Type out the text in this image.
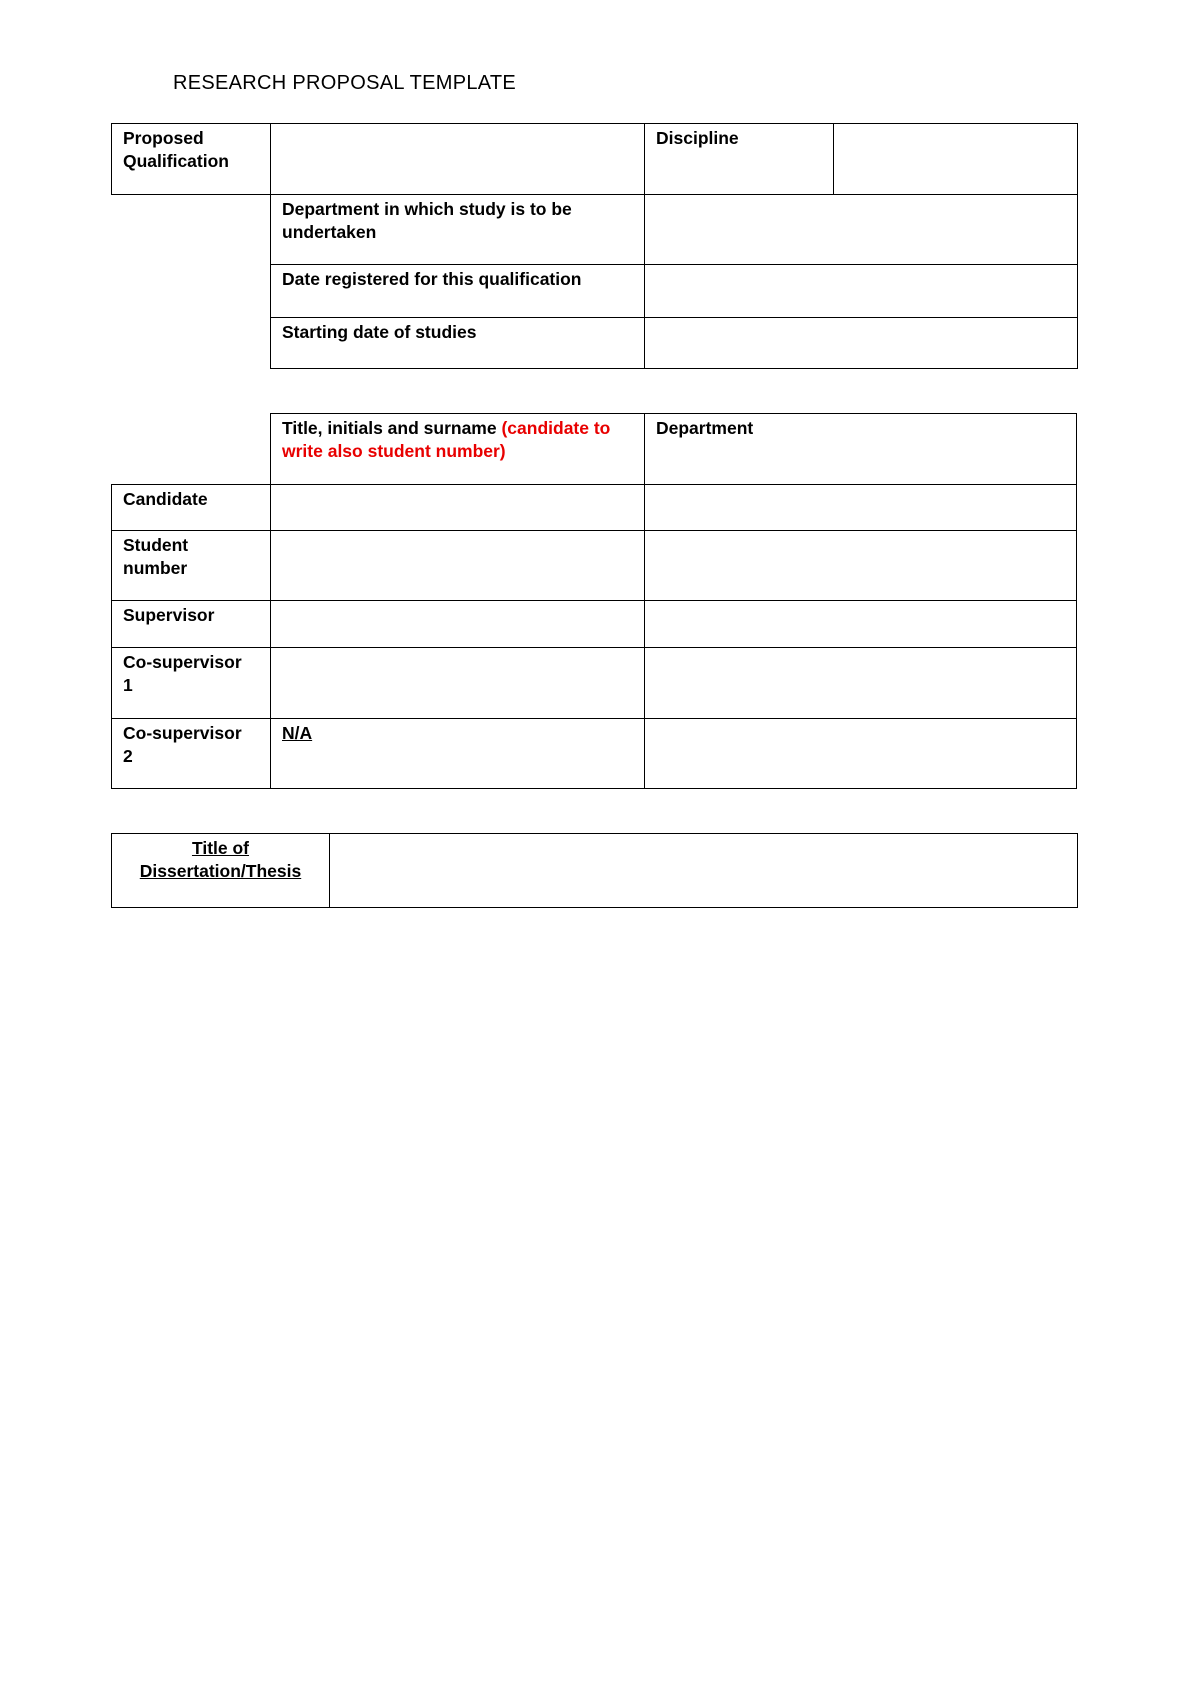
RESEARCH PROPOSAL TEMPLATE
Proposed Qualification
Discipline
Department in which study is to be undertaken
Date registered for this qualification
Starting date of studies
Title, initials and surname (candidate to write also student number)
Department
Candidate
Student number
Supervisor
Co-supervisor 1
Co-supervisor 2
N/A
Title of Dissertation/Thesis
